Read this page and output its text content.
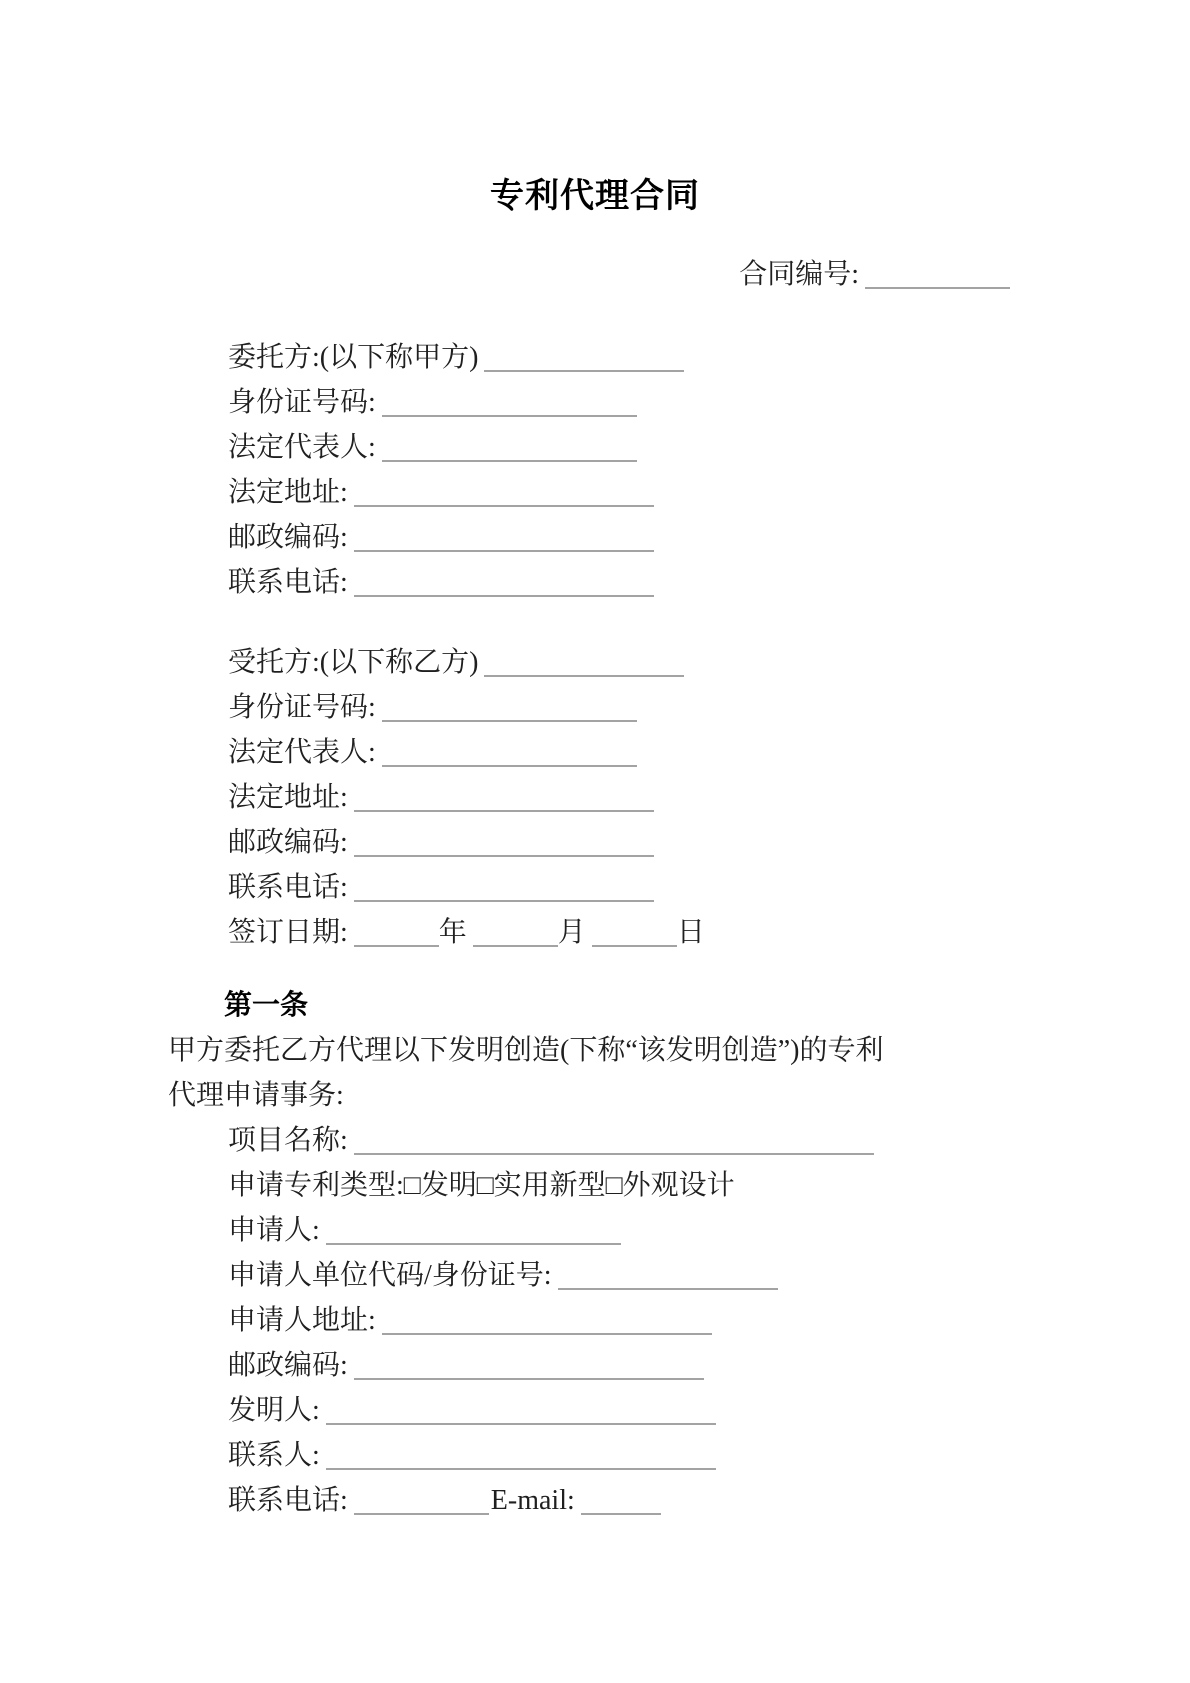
专利代理合同
合同编号:
委托方:(以下称甲方)
身份证号码:
法定代表人:
法定地址:
邮政编码:
联系电话:
受托方:(以下称乙方)
身份证号码:
法定代表人:
法定地址:
邮政编码:
联系电话:
签订日期:	年	月	日

第一条甲方委托乙方代理以下发明创造(下称“该发明创造”)的专利
代理申请事务:

项目名称:
申请专利类型:□发明□实用新型□外观设计
申请人:
申请人单位代码/身份证号:
申请人地址:
邮政编码:
发明人:
联系人:
联系电话:	E-mail:
